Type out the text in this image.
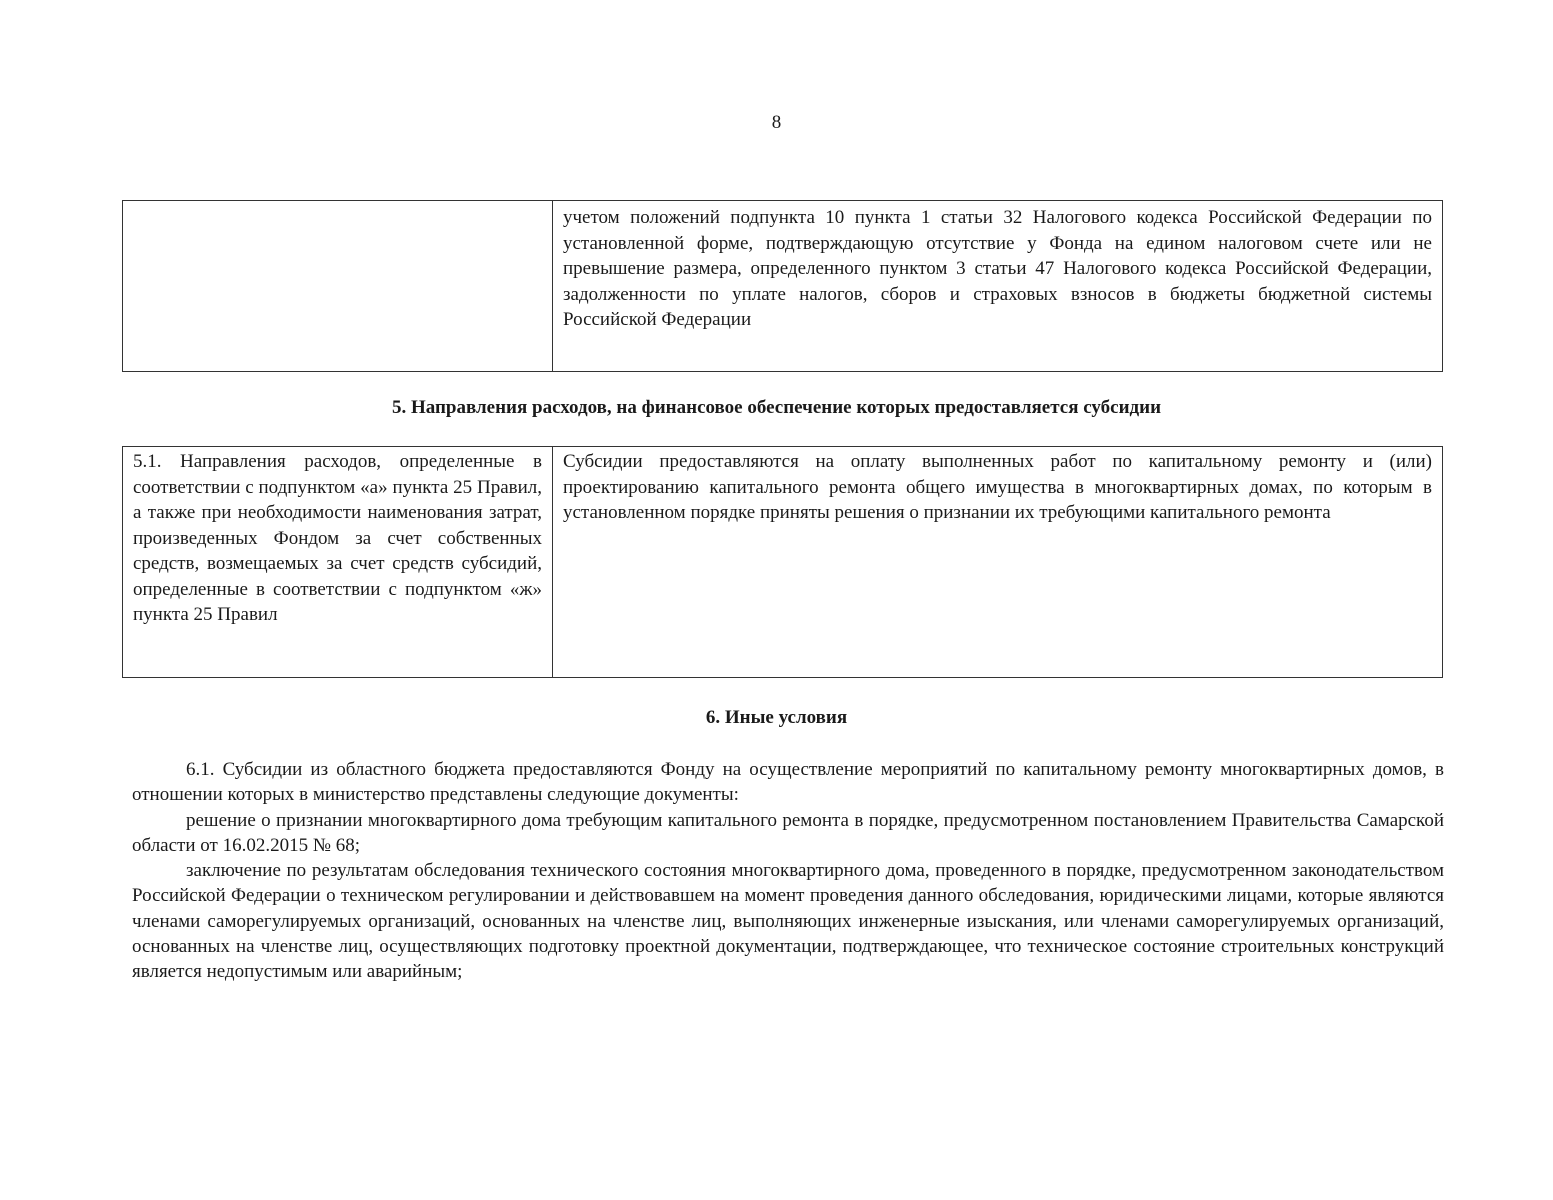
8
	учетом положений подпункта 10 пункта 1 статьи 32 Налогового кодекса Российской Федерации по установленной форме, подтверждающую отсутствие у Фонда на едином налоговом счете или не превышение размера, определенного пунктом 3 статьи 47 Налогового кодекса Российской Федерации, задолженности по уплате налогов, сборов и страховых взносов в бюджеты бюджетной системы Российской Федерации
5. Направления расходов, на финансовое обеспечение которых предоставляется субсидии
5.1. Направления расходов, определенные в соответствии с подпунктом «а» пункта 25 Правил, а также при необходимости наименования затрат, произведенных Фондом за счет собственных средств, возмещаемых за счет средств субсидий, определенные в соответствии с подпунктом «ж» пункта 25 Правил	Субсидии предоставляются на оплату выполненных работ по капитальному ремонту и (или) проектированию капитального ремонта общего имущества в многоквартирных домах, по которым в установленном порядке приняты решения о признании их требующими капитального ремонта
6. Иные условия

6.1. Субсидии из областного бюджета предоставляются Фонду на осуществление мероприятий по капитальному ремонту многоквартирных домов, в отношении которых в министерство представлены следующие документы:

решение о признании многоквартирного дома требующим капитального ремонта в порядке, предусмотренном постановлением Правительства Самарской области от 16.02.2015 № 68;

заключение по результатам обследования технического состояния многоквартирного дома, проведенного в порядке, предусмотренном законодательством Российской Федерации о техническом регулировании и действовавшем на момент проведения данного обследования, юридическими лицами, которые являются членами саморегулируемых организаций, основанных на членстве лиц, выполняющих инженерные изыскания, или членами саморегулируемых организаций, основанных на членстве лиц, осуществляющих подготовку проектной документации, подтверждающее, что техническое состояние строительных конструкций является недопустимым или аварийным;
